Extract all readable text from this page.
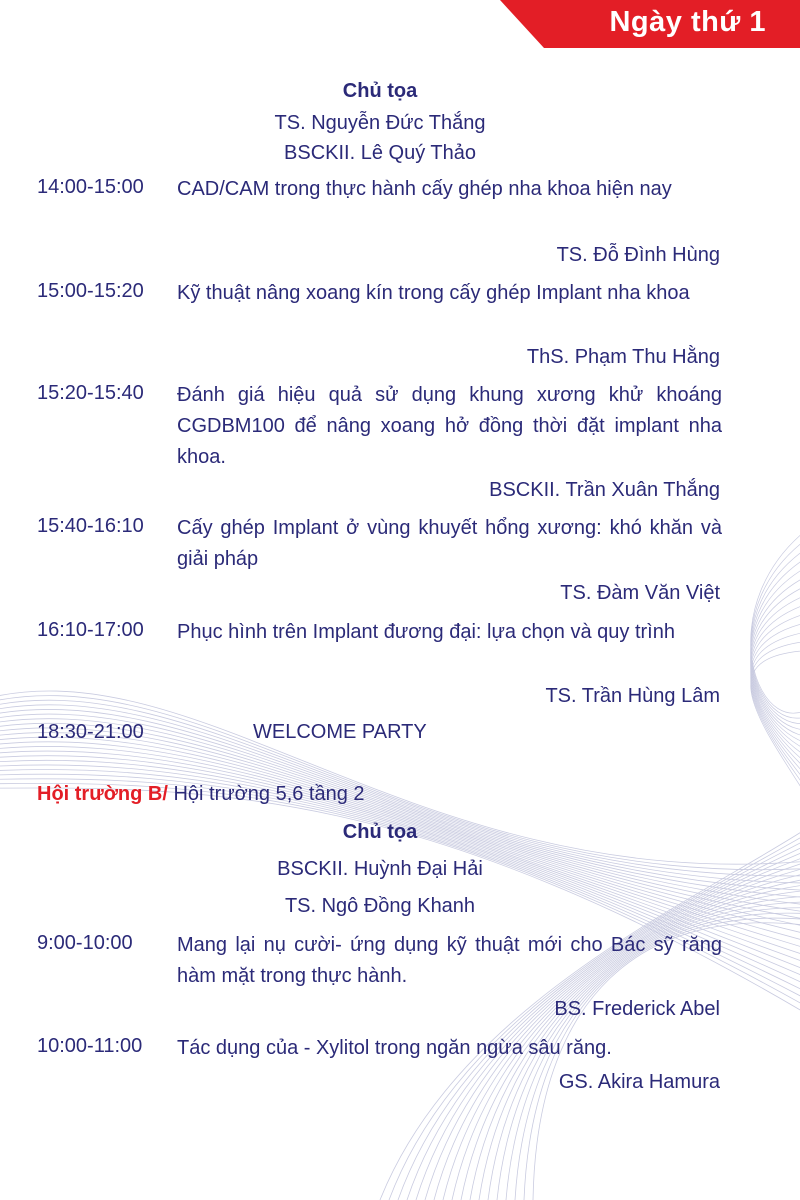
Ngày thứ 1
Chủ tọa
TS. Nguyễn Đức Thắng
BSCKII. Lê Quý Thảo
14:00-15:00 CAD/CAM trong thực hành cấy ghép nha khoa hiện nay
TS. Đỗ Đình Hùng
15:00-15:20 Kỹ thuật nâng xoang kín trong cấy ghép Implant nha khoa
ThS. Phạm Thu Hằng
15:20-15:40 Đánh giá hiệu quả sử dụng khung xương khử khoáng CGDBM100 để nâng xoang hở đồng thời đặt implant nha khoa.
BSCKII. Trần Xuân Thắng
15:40-16:10 Cấy ghép Implant ở vùng khuyết hổng xương: khó khăn và giải pháp
TS. Đàm Văn Việt
16:10-17:00 Phục hình trên Implant đương đại: lựa chọn và quy trình
TS. Trần Hùng Lâm
18:30-21:00	WELCOME PARTY
Hội trường B/ Hội trường 5,6 tầng 2
Chủ tọa
BSCKII. Huỳnh Đại Hải
TS. Ngô Đồng Khanh
9:00-10:00 Mang lại nụ cười- ứng dụng kỹ thuật mới cho Bác sỹ răng hàm mặt trong thực hành.
BS. Frederick Abel
10:00-11:00 Tác dụng của - Xylitol trong ngăn ngừa sâu răng.
GS. Akira Hamura
